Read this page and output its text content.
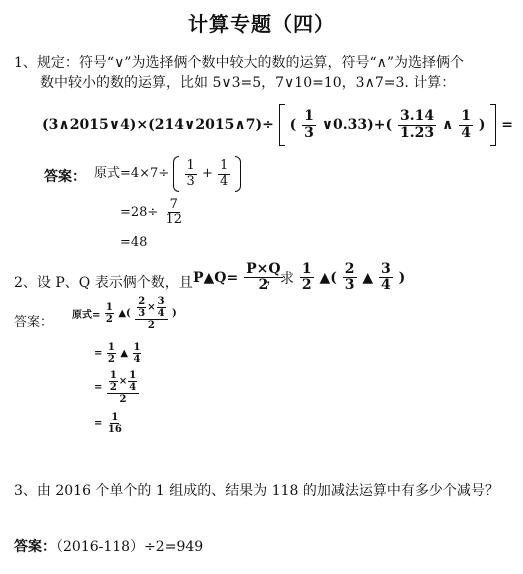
计算专题（四）
1、规定：符号“∨”为选择俩个数中较大的数的运算，符号“∧”为选择俩个
数中较小的数的运算，比如 5∨3=5，7∨10=10，3∧7=3. 计算：
(3∧2015∨4)×(214∨2015∧7)÷ ( $\frac{1}{3}$ ∨0.33)+( $\frac{3.14}{1.23}$ ∧ $\frac{1}{4}$ ) =
答案： 原式$=4\times 7\div \frac{1}{3} + \frac{1}{4}$

$=28\div \frac{7}{12}$
=48
2、设 P、Q 表示俩个数，且 P▲Q= $\frac{P\times Q}{2}$
，求 $\frac{1}{2}$ ▲( $\frac{2}{3}$ ▲ $\frac{3}{4}$ )
答案： 原式= $\frac{1}{2}$ ▲( $\frac{\frac{2}{3} \times \frac{3}{4}}{2}$ )
= $\frac{1}{2}$ ▲ $\frac{1}{4}$
= $\frac{\frac{1}{2} \times \frac{1}{4}}{2}$
= $\frac{1}{16}$
3、由 2016 个单个的 1 组成的、结果为 118 的加减法运算中有多少个减号？
答案：（2016-118）÷2=949
